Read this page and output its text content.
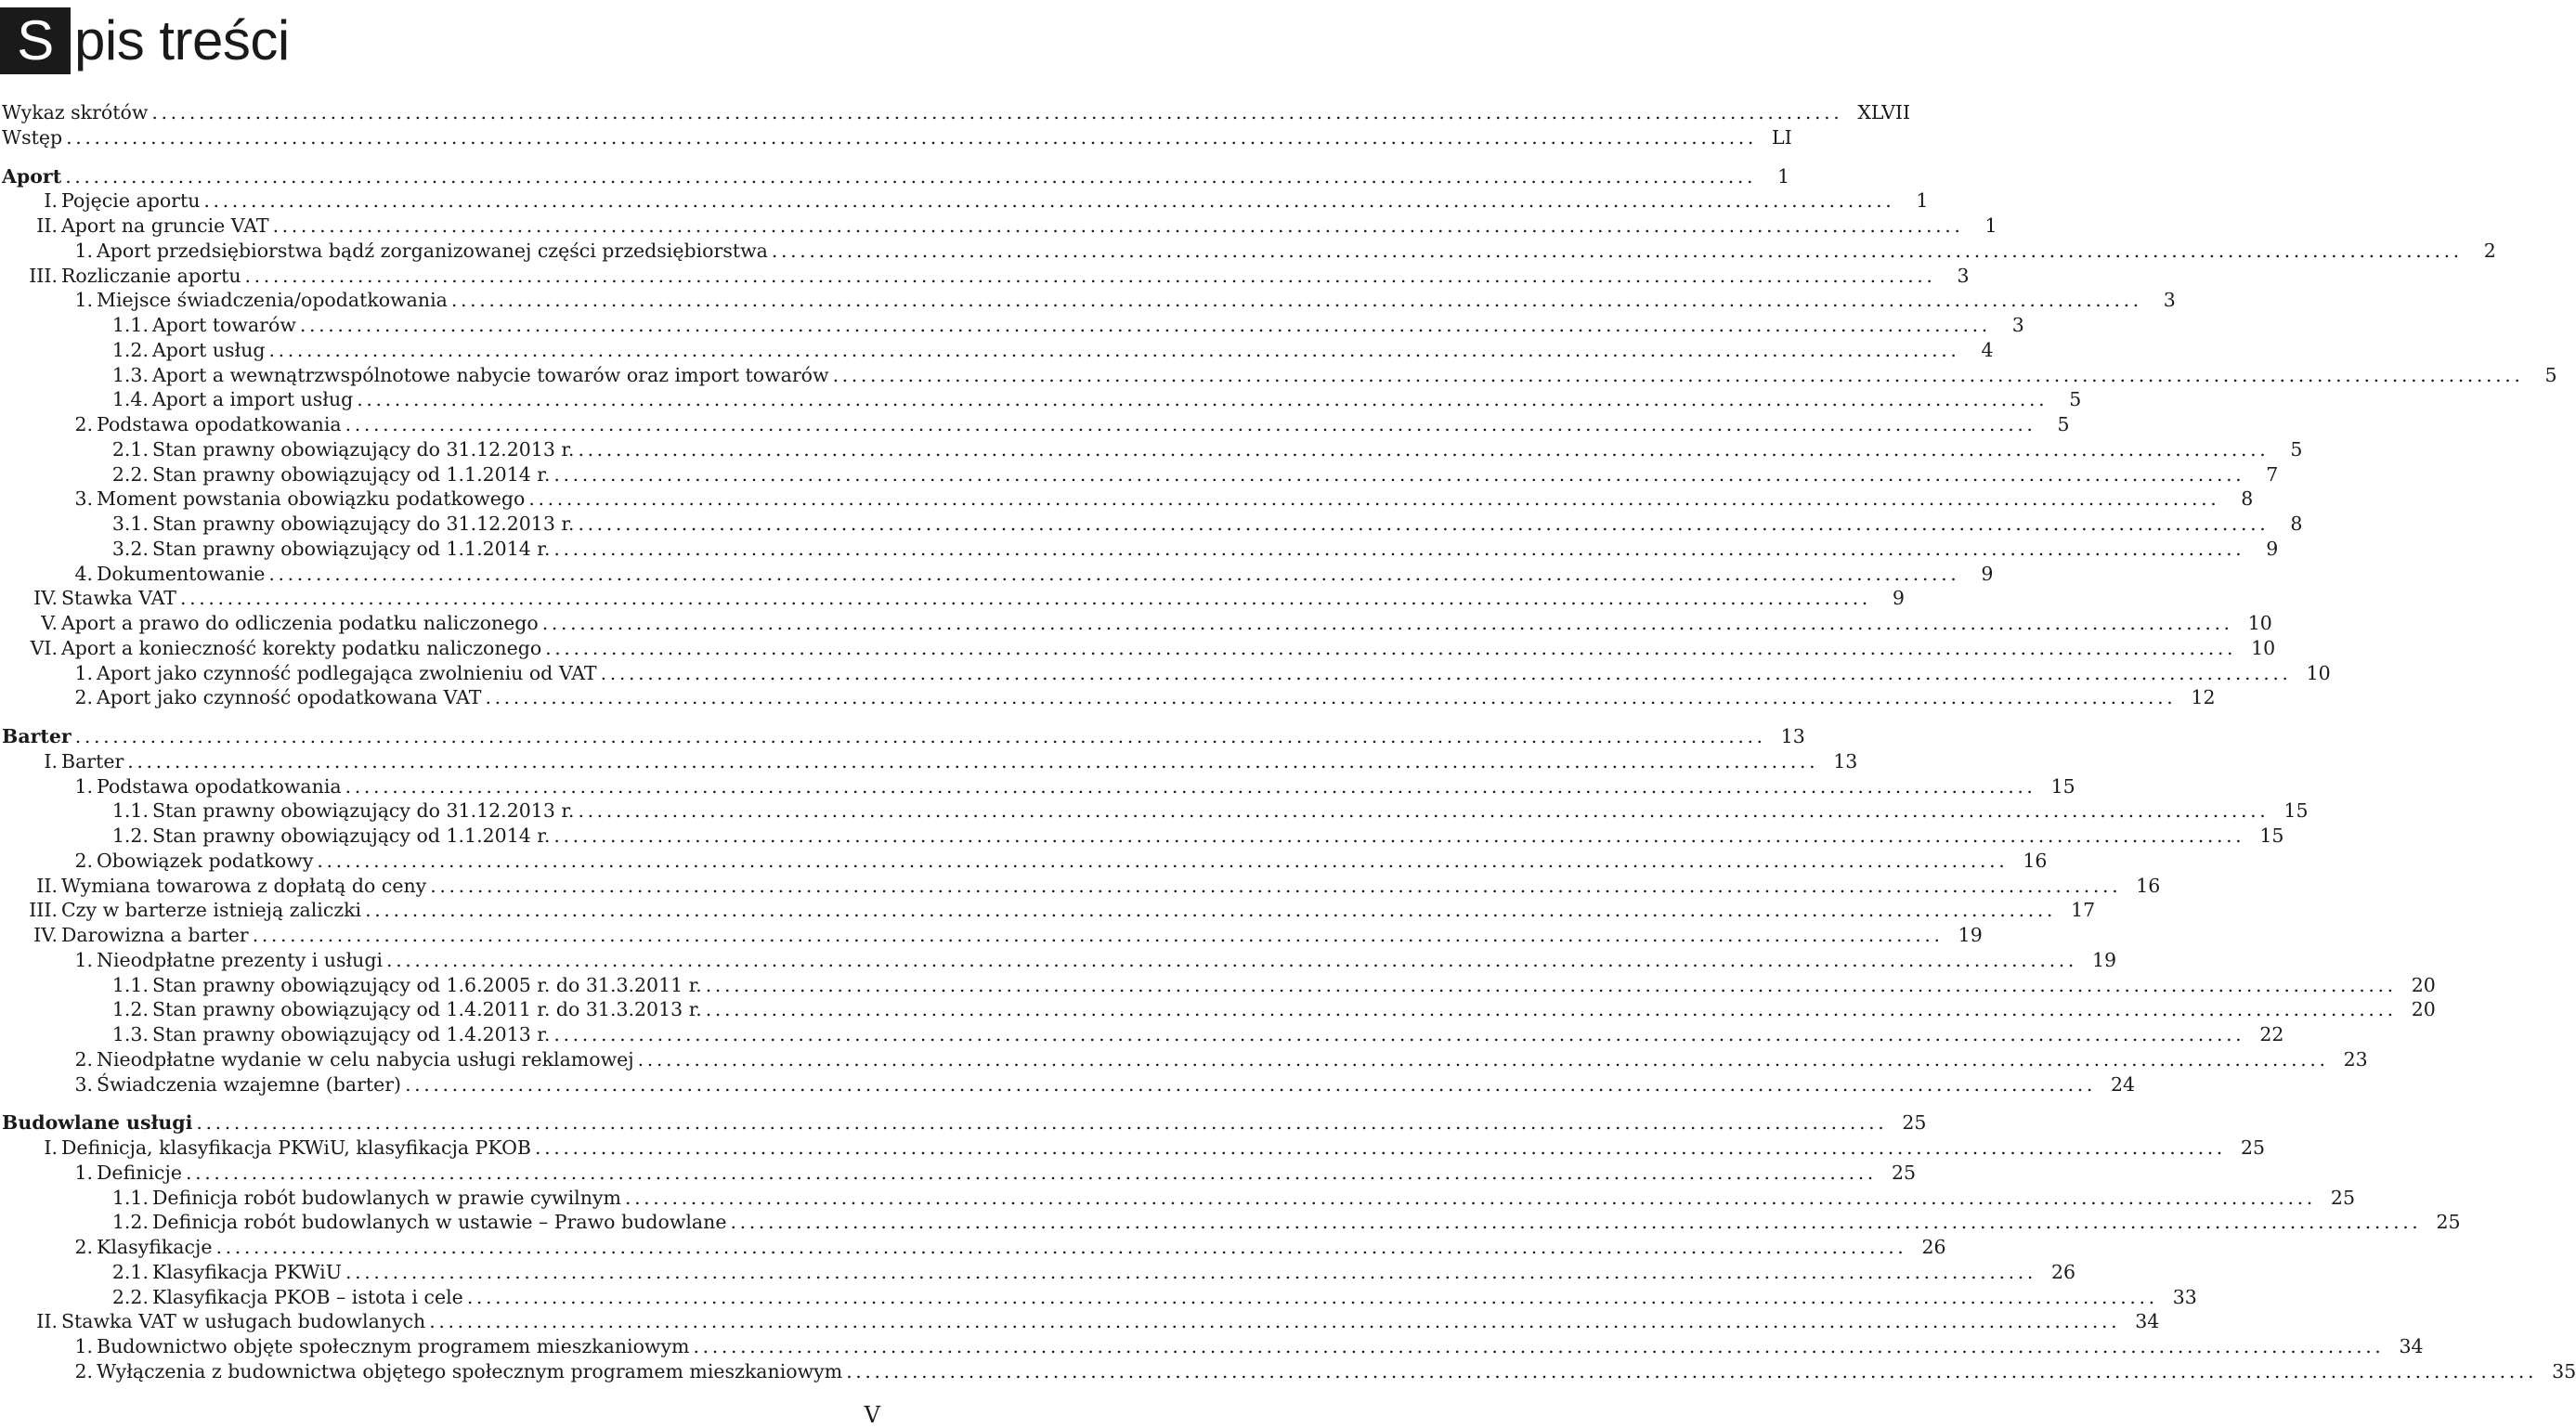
S pis treści
Wykaz skrótów .....	XLVII
Wstęp .....	LI
Aport .....	1
I. Pojęcie aportu .....	1
II. Aport na gruncie VAT .....	1
1. Aport przedsiębiorstwa bądź zorganizowanej części przedsiębiorstwa .....	2
III. Rozliczanie aportu .....	3
1. Miejsce świadczenia/opodatkowania .....	3
1.1. Aport towarów .....	3
1.2. Aport usług .....	4
1.3. Aport a wewnątrzwspólnotowe nabycie towarów oraz import towarów .....	5
1.4. Aport a import usług .....	5
2. Podstawa opodatkowania .....	5
2.1. Stan prawny obowiązujący do 31.12.2013 r. .....	5
2.2. Stan prawny obowiązujący od 1.1.2014 r. .....	7
3. Moment powstania obowiązku podatkowego .....	8
3.1. Stan prawny obowiązujący do 31.12.2013 r. .....	8
3.2. Stan prawny obowiązujący od 1.1.2014 r. .....	9
4. Dokumentowanie .....	9
IV. Stawka VAT .....	9
V. Aport a prawo do odliczenia podatku naliczonego .....	10
VI. Aport a konieczność korekty podatku naliczonego .....	10
1. Aport jako czynność podlegająca zwolnieniu od VAT .....	10
2. Aport jako czynność opodatkowana VAT .....	12
Barter .....	13
I. Barter .....	13
1. Podstawa opodatkowania .....	15
1.1. Stan prawny obowiązujący do 31.12.2013 r. .....	15
1.2. Stan prawny obowiązujący od 1.1.2014 r. .....	15
2. Obowiązek podatkowy .....	16
II. Wymiana towarowa z dopłatą do ceny .....	16
III. Czy w barterze istnieją zaliczki .....	17
IV. Darowizna a barter .....	19
1. Nieodpłatne prezenty i usługi .....	19
1.1. Stan prawny obowiązujący od 1.6.2005 r. do 31.3.2011 r. .....	20
1.2. Stan prawny obowiązujący od 1.4.2011 r. do 31.3.2013 r. .....	20
1.3. Stan prawny obowiązujący od 1.4.2013 r. .....	22
2. Nieodpłatne wydanie w celu nabycia usługi reklamowej .....	23
3. Świadczenia wzajemne (barter) .....	24
Budowlane usługi .....	25
I. Definicja, klasyfikacja PKWiU, klasyfikacja PKOB .....	25
1. Definicje .....	25
1.1. Definicja robót budowlanych w prawie cywilnym .....	25
1.2. Definicja robót budowlanych w ustawie – Prawo budowlane .....	25
2. Klasyfikacje .....	26
2.1. Klasyfikacja PKWiU .....	26
2.2. Klasyfikacja PKOB – istota i cele .....	33
II. Stawka VAT w usługach budowlanych .....	34
1. Budownictwo objęte społecznym programem mieszkaniowym .....	34
2. Wyłączenia z budownictwa objętego społecznym programem mieszkaniowym .....	35
V
